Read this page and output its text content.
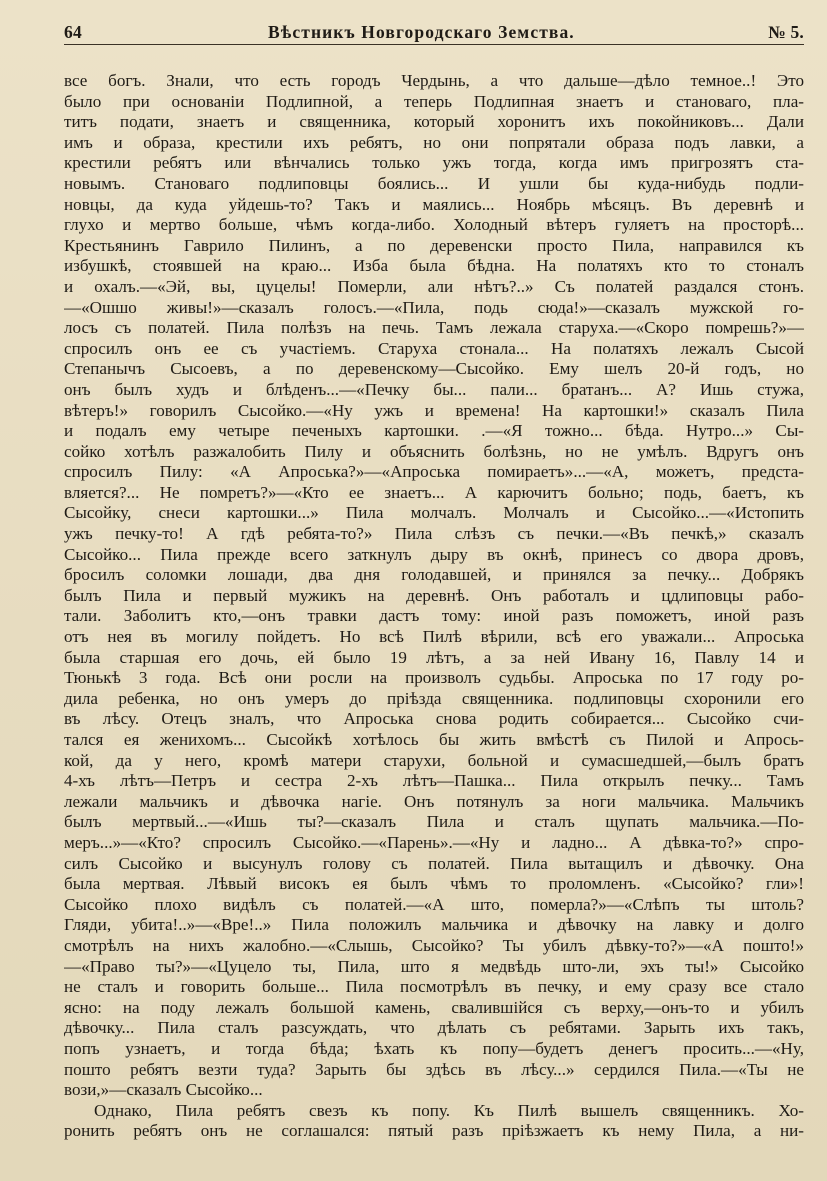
64	Вѣстникъ Новгородскаго Земства.	№ 5.
все богъ. Знали, что есть городъ Чердынь, а что дальше—дѣло темное..! Это
было при основаніи Подлипной, а теперь Подлипная знаетъ и становаго, пла-
титъ подати, знаетъ и священника, который хоронитъ ихъ покойниковъ... Дали
имъ и образа, крестили ихъ ребятъ, но они попрятали образа подъ лавки, а
крестили ребятъ или вѣнчались только ужъ тогда, когда имъ пригрозятъ ста-
новымъ. Становаго подлиповцы боялись... И ушли бы куда-нибудь подли-
новцы, да куда уйдешь-то? Такъ и маялись... Ноябрь мѣсяцъ. Въ деревнѣ и
глухо и мертво больше, чѣмъ когда-либо. Холодный вѣтеръ гуляетъ на просторѣ...
Крестьянинъ Гаврило Пилинъ, а по деревенски просто Пила, направился къ
избушкѣ, стоявшей на краю... Изба была бѣдна. На полатяхъ кто то стоналъ
и охалъ.—«Эй, вы, цуцелы! Померли, али нѣтъ?..» Съ полатей раздался стонъ.
—«Ошшо живы!»—сказалъ голосъ.—«Пила, подь сюда!»—сказалъ мужской го-
лосъ съ полатей. Пила полѣзъ на печь. Тамъ лежала старуха.—«Скоро помрешь?»—
спросилъ онъ ее съ участіемъ. Старуха стонала... На полатяхъ лежалъ Сысой
Степанычъ Сысоевъ, а по деревенскому—Сысойко. Ему шелъ 20-й годъ, но
онъ былъ худъ и блѣденъ...—«Печку бы... пали... братанъ... А? Ишь стужа,
вѣтеръ!» говорилъ Сысойко.—«Ну ужъ и времена! На картошки!» сказалъ Пила
и подалъ ему четыре печеныхъ картошки. .—«Я тожно... бѣда. Нутро...» Сы-
сойко хотѣлъ разжалобить Пилу и объяснить болѣзнь, но не умѣлъ. Вдругъ онъ
спросилъ Пилу: «А Апроська?»—«Апроська помираетъ»...—«А, можетъ, предста-
вляется?... Не помретъ?»—«Кто ее знаетъ... А карючитъ больно; подь, баетъ, къ
Сысойку, снеси картошки...» Пила молчалъ. Молчалъ и Сысойко...—«Истопить
ужъ печку-то! А гдѣ ребята-то?» Пила слѣзъ съ печки.—«Въ печкѣ,» сказалъ
Сысойко... Пила прежде всего заткнулъ дыру въ окнѣ, принесъ со двора дровъ,
бросилъ соломки лошади, два дня голодавшей, и принялся за печку... Добрякъ
былъ Пила и первый мужикъ на деревнѣ. Онъ работалъ и цдлиповцы рабо-
тали. Заболитъ кто,—онъ травки дастъ тому: иной разъ поможетъ, иной разъ
отъ нея въ могилу пойдетъ. Но всѣ Пилѣ вѣрили, всѣ его уважали... Апроська
была старшая его дочь, ей было 19 лѣтъ, а за ней Ивану 16, Павлу 14 и
Тюнькѣ 3 года. Всѣ они росли на произволъ судьбы. Апроська по 17 году ро-
дила ребенка, но онъ умеръ до пріѣзда священника. подлиповцы схоронили его
въ лѣсу. Отецъ зналъ, что Апроська снова родить собирается... Сысойко счи-
тался ея женихомъ... Сысойкѣ хотѣлось бы жить вмѣстѣ съ Пилой и Апрось-
кой, да у него, кромѣ матери старухи, больной и сумасшедшей,—былъ братъ
4-хъ лѣтъ—Петръ и сестра 2-хъ лѣтъ—Пашка... Пила открылъ печку... Тамъ
лежали мальчикъ и дѣвочка нагіе. Онъ потянулъ за ноги мальчика. Мальчикъ
былъ мертвый...—«Ишь ты?—сказалъ Пила и сталъ щупать мальчика.—По-
меръ...»—«Кто? спросилъ Сысойко.—«Парень».—«Ну и ладно... А дѣвка-то?» спро-
силъ Сысойко и высунулъ голову съ полатей. Пила вытащилъ и дѣвочку. Она
была мертвая. Лѣвый високъ ея былъ чѣмъ то проломленъ. «Сысойко? гли»!
Сысойко плохо видѣлъ съ полатей.—«А што, померла?»—«Слѣпъ ты штоль?
Гляди, убита!..»—«Вре!..» Пила положилъ мальчика и дѣвочку на лавку и долго
смотрѣлъ на нихъ жалобно.—«Слышь, Сысойко? Ты убилъ дѣвку-то?»—«А пошто!»
—«Право ты?»—«Цуцело ты, Пила, што я медвѣдь што-ли, эхъ ты!» Сысойко
не сталъ и говорить больше... Пила посмотрѣлъ въ печку, и ему сразу все стало
ясно: на поду лежалъ большой камень, свалившійся съ верху,—онъ-то и убилъ
дѣвочку... Пила сталъ разсуждать, что дѣлать съ ребятами. Зарыть ихъ такъ,
попъ узнаетъ, и тогда бѣда; ѣхать къ попу—будетъ денегъ просить...—«Ну,
пошто ребятъ везти туда? Зарыть бы здѣсь въ лѣсу...» сердился Пила.—«Ты не
вози,»—сказалъ Сысойко...
Однако, Пила ребятъ свезъ къ попу. Къ Пилѣ вышелъ священникъ. Хо-
ронить ребятъ онъ не соглашался: пятый разъ пріѣзжаетъ къ нему Пила, а ни-
